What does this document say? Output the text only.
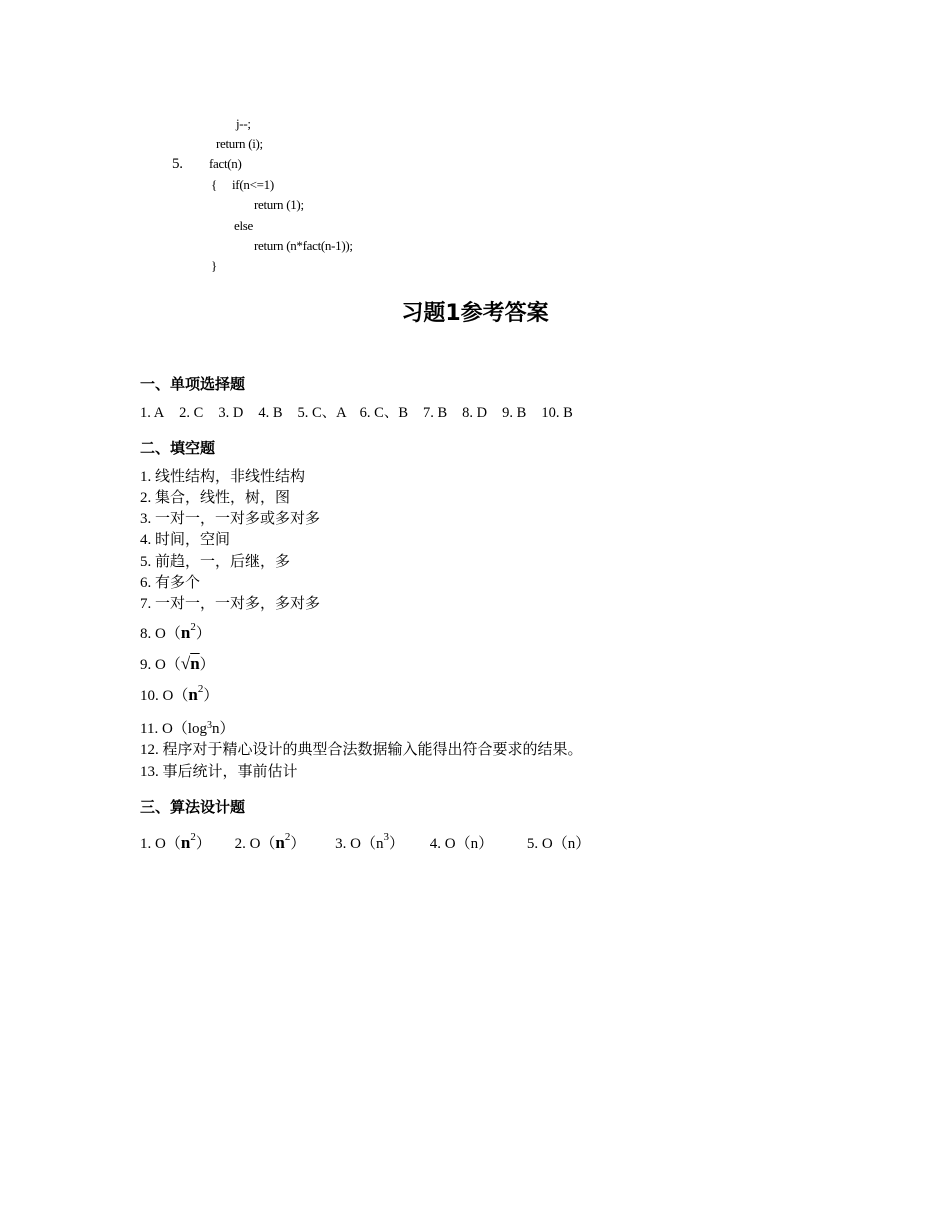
j--;
return (i);
5. fact(n)
{ if(n<=1)
return (1);
else
return (n*fact(n-1));
}
习题1参考答案
一、单项选择题
1. A 2. C 3. D 4. B 5. C、A 6. C、B 7. B 8. D 9. B 10. B
二、填空题
1. 线性结构，非线性结构
2. 集合，线性，树，图
3. 一对一，一对多或多对多
4. 时间，空间
5. 前趋，一，后继，多
6. 有多个
7. 一对一，一对多，多对多
8. $O(n^2)$
9. O（√n）
10. $O(n^2)$
11. $O(\log^3n)$
12. 程序对于精心设计的典型合法数据输入能得出符合要求的结果。
13. 事后统计，事前估计
三、算法设计题
1. $O(n^2)$ 2. $O(n^2)$ 3. $O(n^3)$ 4. O（n） 5. O（n）
